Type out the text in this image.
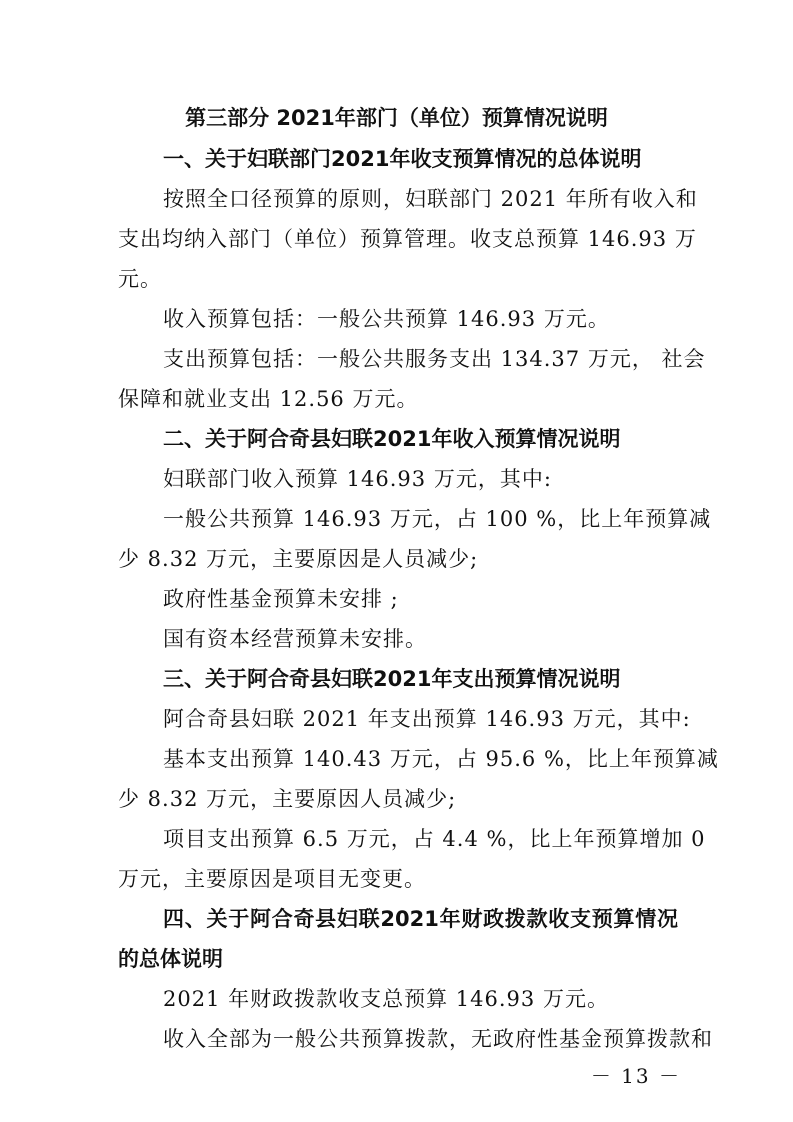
第三部分 2021年部门（单位）预算情况说明
一、关于妇联部门2021年收支预算情况的总体说明
按照全口径预算的原则，妇联部门 2021 年所有收入和
支出均纳入部门（单位）预算管理。收支总预算 146.93 万
元。
收入预算包括：一般公共预算 146.93 万元。
支出预算包括：一般公共服务支出 134.37 万元， 社会
保障和就业支出 12.56 万元。
二、关于阿合奇县妇联2021年收入预算情况说明
妇联部门收入预算 146.93 万元，其中:
一般公共预算 146.93 万元，占 100 %，比上年预算减
少 8.32 万元，主要原因是人员减少;
政府性基金预算未安排 ;
国有资本经营预算未安排。
三、关于阿合奇县妇联2021年支出预算情况说明
阿合奇县妇联 2021 年支出预算 146.93 万元，其中:
基本支出预算 140.43 万元，占 95.6 %，比上年预算减
少 8.32 万元，主要原因人员减少;
项目支出预算 6.5 万元，占 4.4 %，比上年预算增加 0
万元，主要原因是项目无变更。
四、关于阿合奇县妇联2021年财政拨款收支预算情况
的总体说明
2021 年财政拨款收支总预算 146.93 万元。
收入全部为一般公共预算拨款，无政府性基金预算拨款和
－ 13 －
